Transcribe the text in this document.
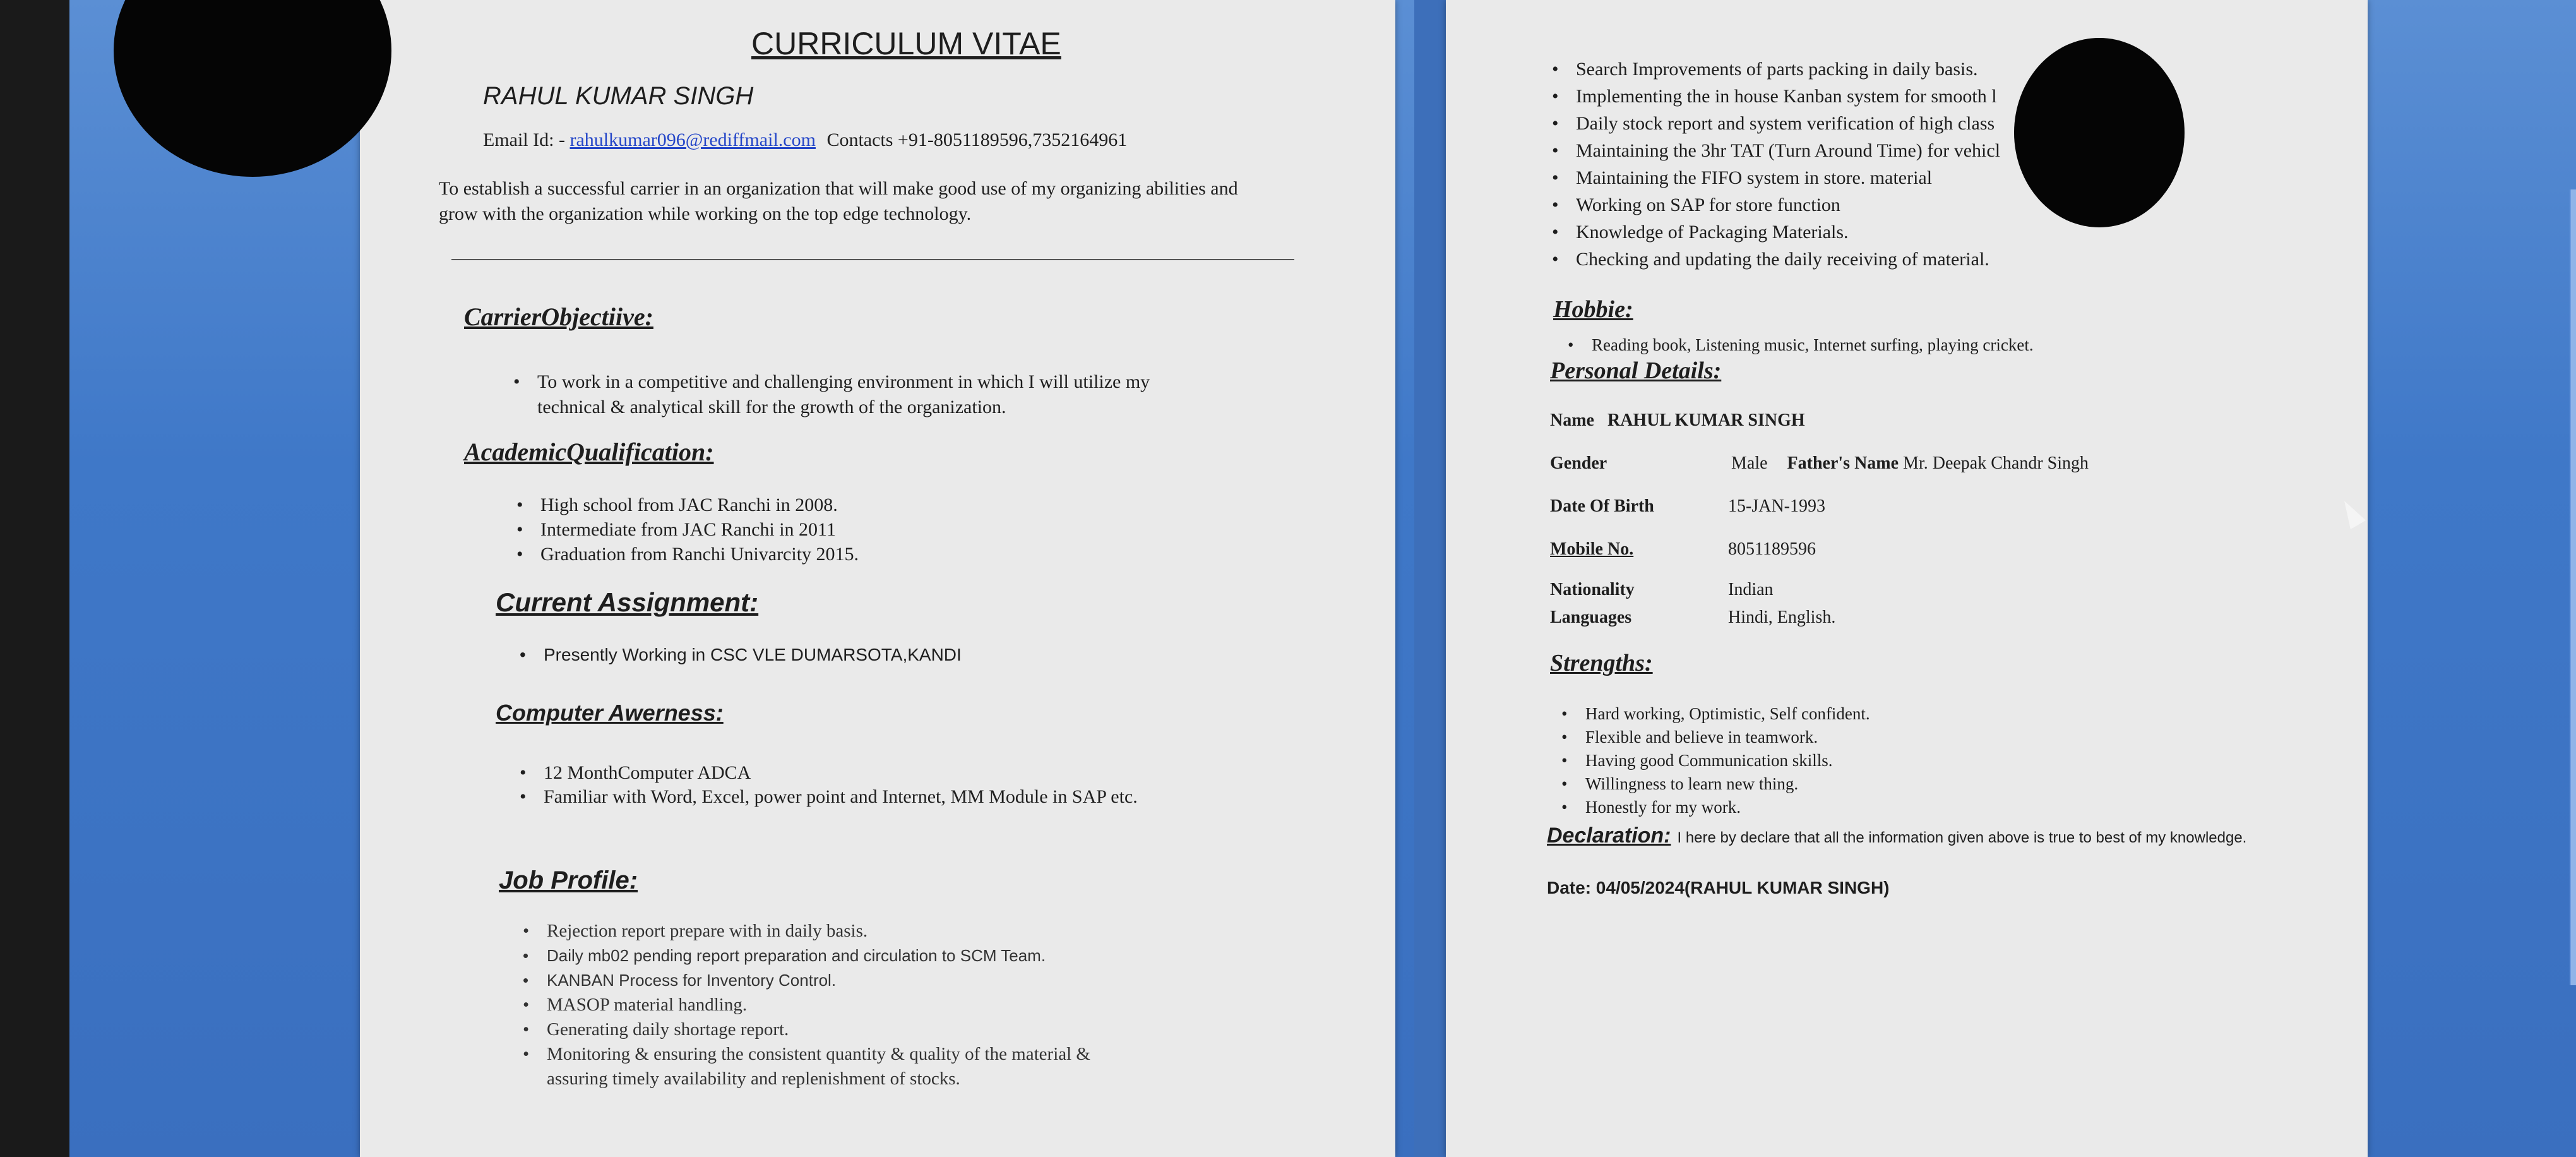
CURRICULUM VITAE
RAHUL KUMAR SINGH
Email Id: - rahulkumar096@rediffmail.com Contacts +91-8051189596,7352164961
To establish a successful carrier in an organization that will make good use of my organizing abilities and
grow with the organization while working on the top edge technology.
CarrierObjectiive:
• To work in a competitive and challenging environment in which I will utilize my
technical & analytical skill for the growth of the organization.
AcademicQualification:
• High school from JAC Ranchi in 2008.
• Intermediate from JAC Ranchi in 2011
• Graduation from Ranchi Univarcity 2015.
Current Assignment:
• Presently Working in CSC VLE DUMARSOTA,KANDI
Computer Awerness:
• 12 MonthComputer ADCA
• Familiar with Word, Excel, power point and Internet, MM Module in SAP etc.
Job Profile:
• Rejection report prepare with in daily basis.
• Daily mb02 pending report preparation and circulation to SCM Team.
• KANBAN Process for Inventory Control.
• MASOP material handling.
• Generating daily shortage report.
• Monitoring & ensuring the consistent quantity & quality of the material &
assuring timely availability and replenishment of stocks.
• Search Improvements of parts packing in daily basis.
• Implementing the in house Kanban system for smooth l
• Daily stock report and system verification of high class
• Maintaining the 3hr TAT (Turn Around Time) for vehicl
• Maintaining the FIFO system in store. material
• Working on SAP for store function
• Knowledge of Packaging Materials.
• Checking and updating the daily receiving of material.
Hobbie:
• Reading book, Listening music, Internet surfing, playing cricket.
Personal Details:
Name RAHUL KUMAR SINGH
Gender	Male Father's Name Mr. Deepak Chandr Singh
Date Of Birth	15-JAN-1993
Mobile No.	8051189596
Nationality	Indian
Languages	Hindi, English.
Strengths:
• Hard working, Optimistic, Self confident.
• Flexible and believe in teamwork.
• Having good Communication skills.
• Willingness to learn new thing.
• Honestly for my work.
Declaration: I here by declare that all the information given above is true to best of my knowledge.
Date: 04/05/2024(RAHUL KUMAR SINGH)
